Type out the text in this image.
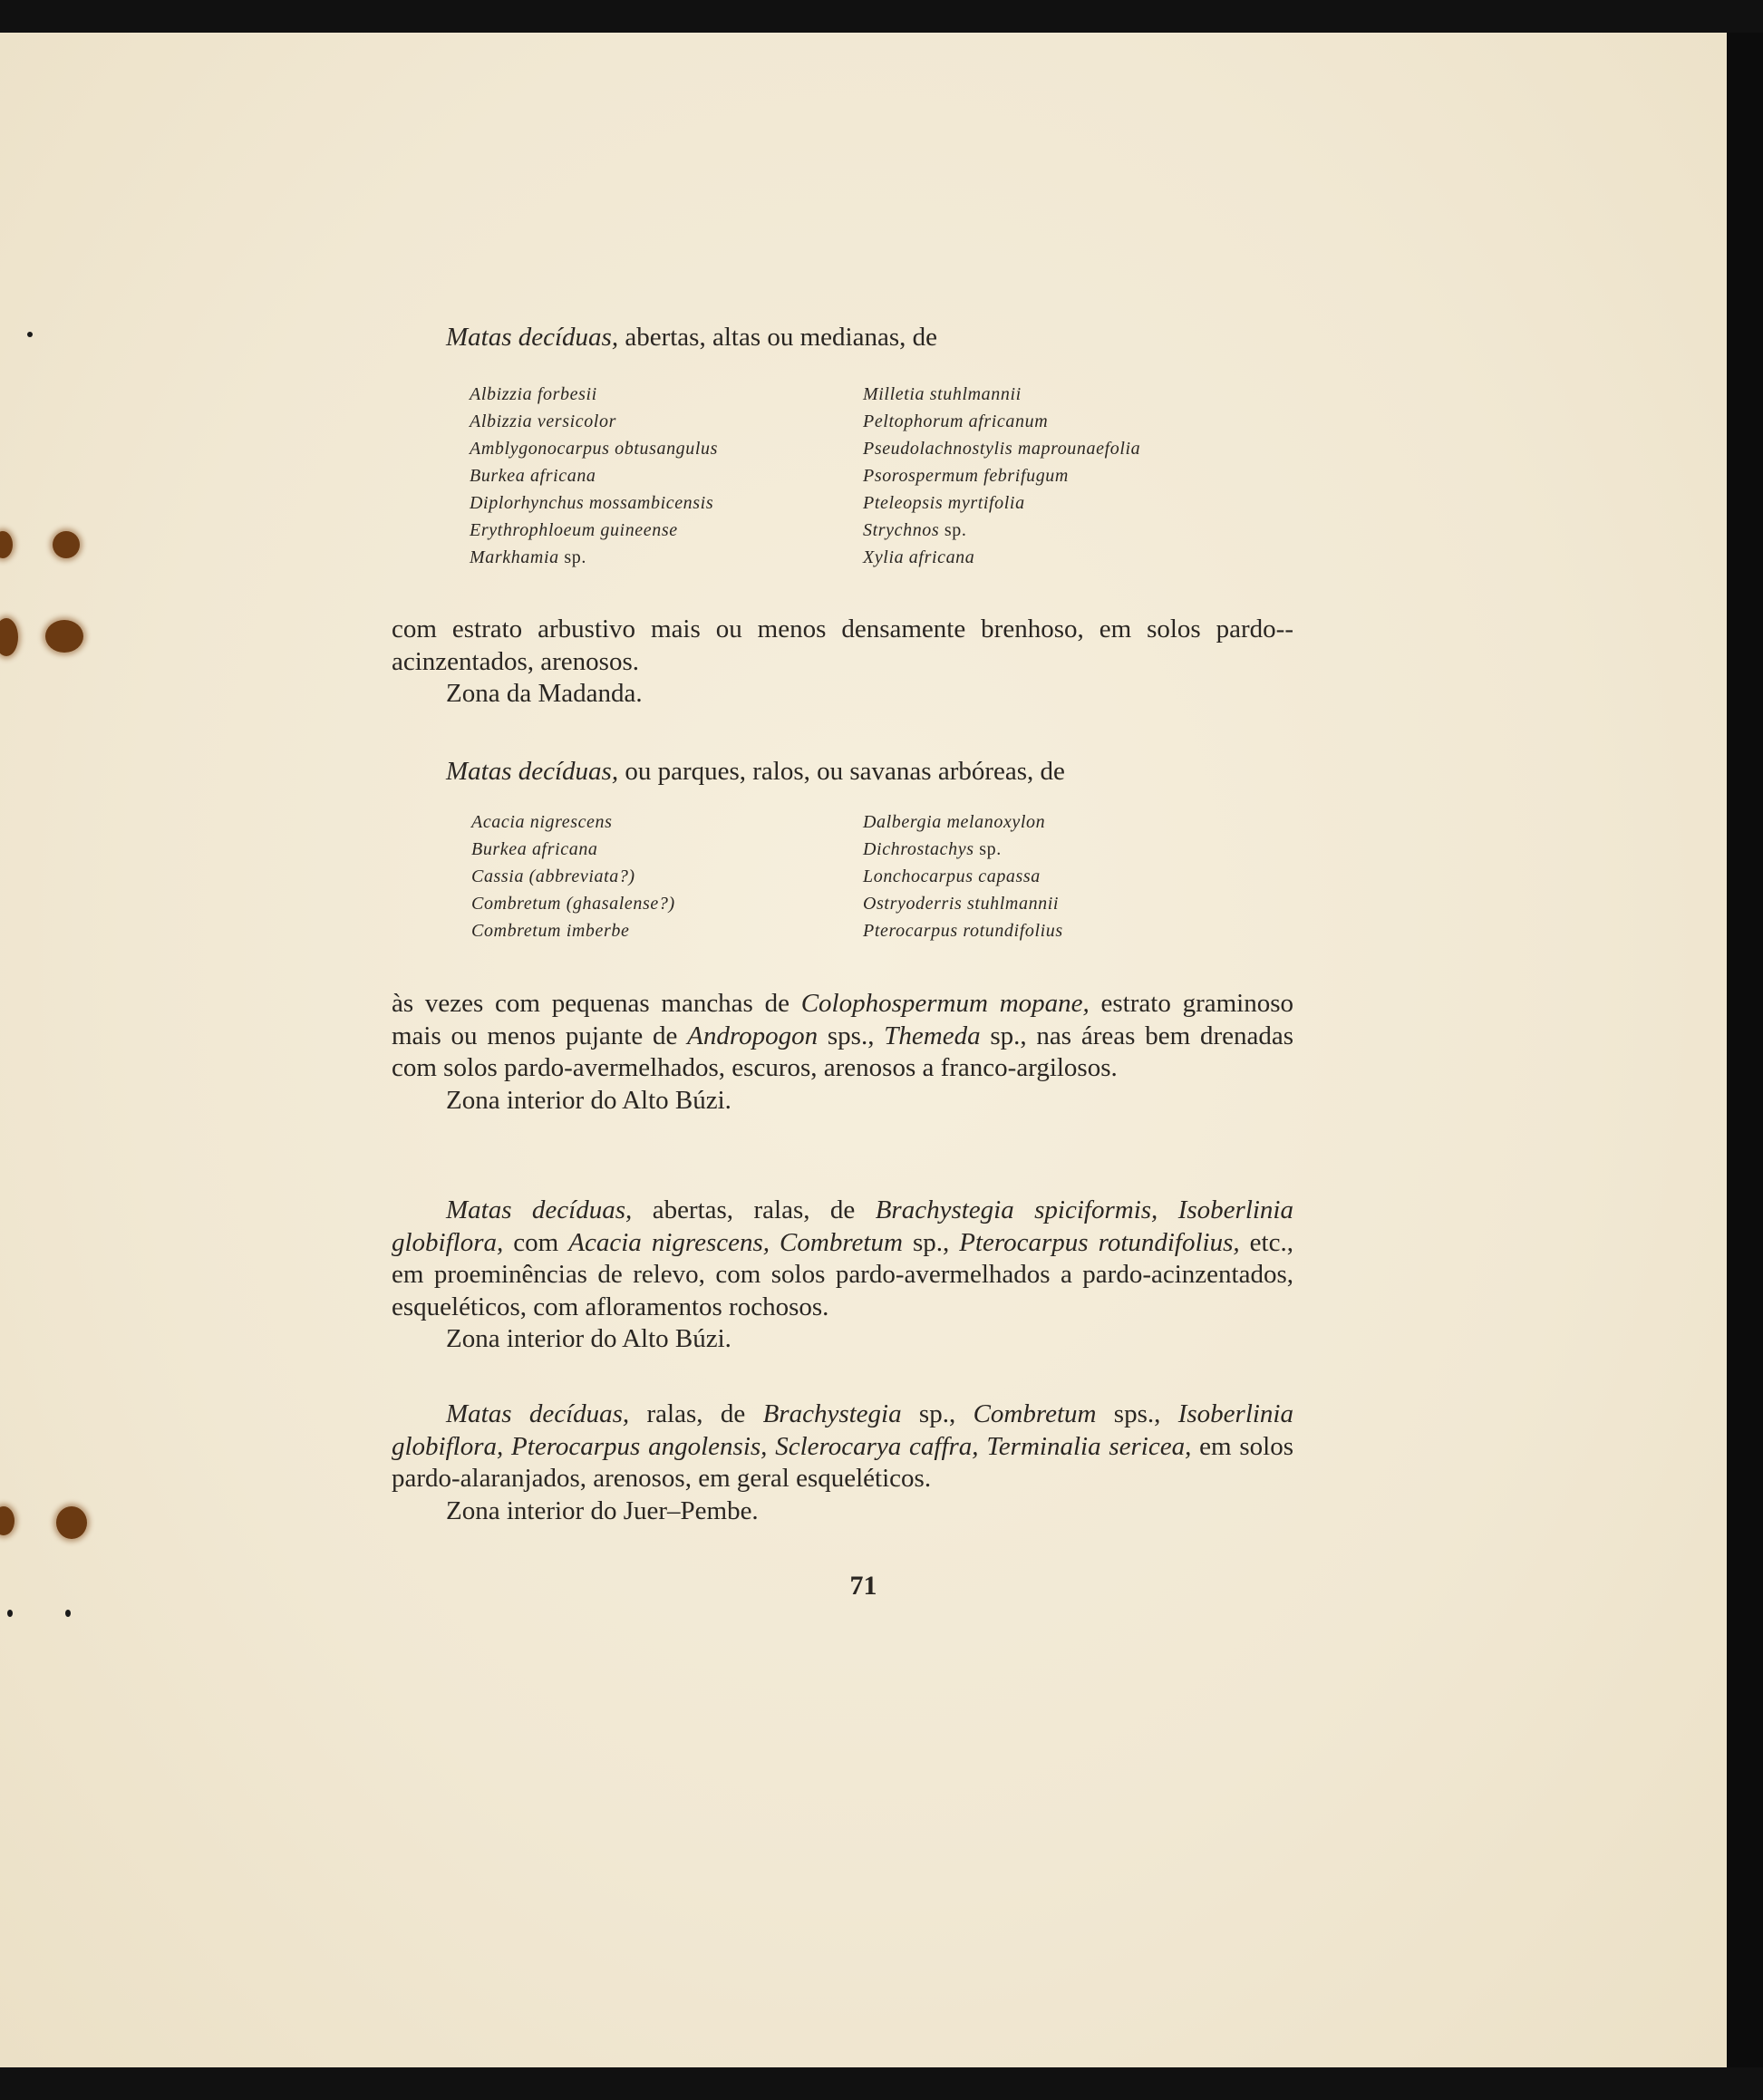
Matas decíduas, abertas, altas ou medianas, de

Albizzia forbesii
Albizzia versicolor
Amblygonocarpus obtusangulus
Burkea africana
Diplorhynchus mossambicensis
Erythrophloeum guineense
Markhamia sp.
Milletia stuhlmannii
Peltophorum africanum
Pseudolachnostylis maprounaefolia
Psorospermum febrifugum
Pteleopsis myrtifolia
Strychnos sp.
Xylia africana

com estrato arbustivo mais ou menos densamente brenhoso, em solos pardo--acinzentados, arenosos.

Zona da Madanda.

Matas decíduas, ou parques, ralos, ou savanas arbóreas, de

Acacia nigrescens
Burkea africana
Cassia (abbreviata?)
Combretum (ghasalense?)
Combretum imberbe
Dalbergia melanoxylon
Dichrostachys sp.
Lonchocarpus capassa
Ostryoderris stuhlmannii
Pterocarpus rotundifolius

às vezes com pequenas manchas de Colophospermum mopane, estrato graminoso mais ou menos pujante de Andropogon sps., Themeda sp., nas áreas bem drenadas com solos pardo-avermelhados, escuros, arenosos a franco-argilosos.

Zona interior do Alto Búzi.

Matas decíduas, abertas, ralas, de Brachystegia spiciformis, Isoberlinia globiflora, com Acacia nigrescens, Combretum sp., Pterocarpus rotundifolius, etc., em proeminências de relevo, com solos pardo-avermelhados a pardo-acinzentados, esqueléticos, com afloramentos rochosos.

Zona interior do Alto Búzi.

Matas decíduas, ralas, de Brachystegia sp., Combretum sps., Isoberlinia globiflora, Pterocarpus angolensis, Sclerocarya caffra, Terminalia sericea, em solos pardo-alaranjados, arenosos, em geral esqueléticos.

Zona interior do Juer–Pembe.

71
